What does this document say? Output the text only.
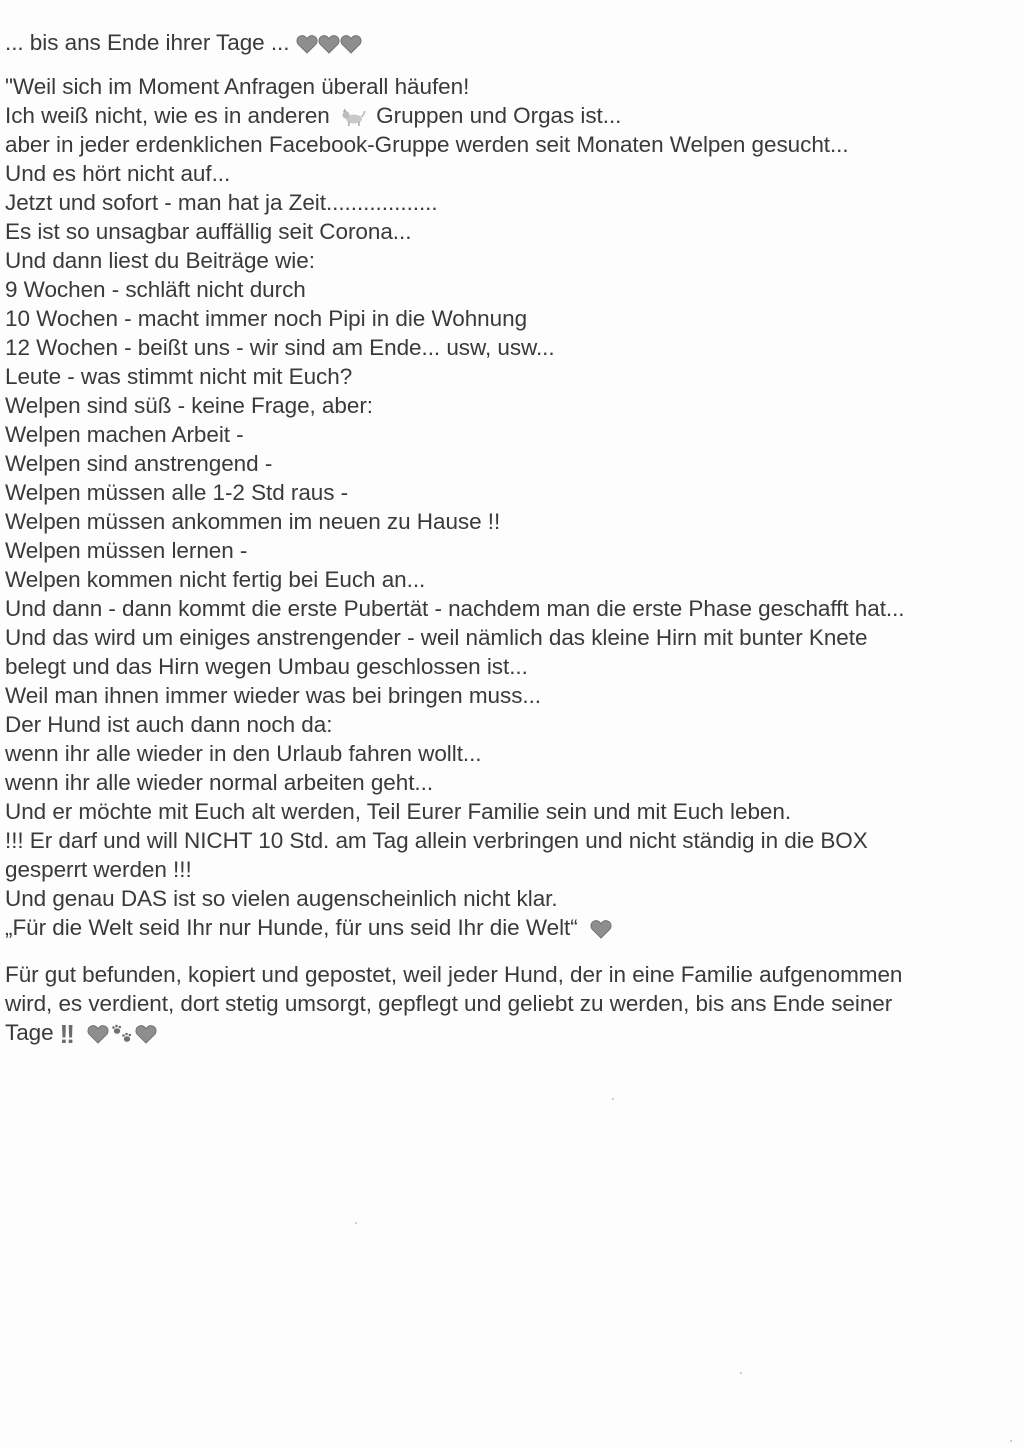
... bis ans Ende ihrer Tage ...
"Weil sich im Moment Anfragen überall häufen!
Ich weiß nicht, wie es in anderen Gruppen und Orgas ist...
aber in jeder erdenklichen Facebook-Gruppe werden seit Monaten Welpen gesucht...
Und es hört nicht auf...
Jetzt und sofort - man hat ja Zeit..................
Es ist so unsagbar auffällig seit Corona...
Und dann liest du Beiträge wie:
9 Wochen - schläft nicht durch
10 Wochen - macht immer noch Pipi in die Wohnung
12 Wochen - beißt uns - wir sind am Ende... usw, usw...
Leute - was stimmt nicht mit Euch?
Welpen sind süß - keine Frage, aber:
Welpen machen Arbeit -
Welpen sind anstrengend -
Welpen müssen alle 1-2 Std raus -
Welpen müssen ankommen im neuen zu Hause !!
Welpen müssen lernen -
Welpen kommen nicht fertig bei Euch an...
Und dann - dann kommt die erste Pubertät - nachdem man die erste Phase geschafft hat...
Und das wird um einiges anstrengender - weil nämlich das kleine Hirn mit bunter Knete
belegt und das Hirn wegen Umbau geschlossen ist...
Weil man ihnen immer wieder was bei bringen muss...
Der Hund ist auch dann noch da:
wenn ihr alle wieder in den Urlaub fahren wollt...
wenn ihr alle wieder normal arbeiten geht...
Und er möchte mit Euch alt werden, Teil Eurer Familie sein und mit Euch leben.
!!! Er darf und will NICHT 10 Std. am Tag allein verbringen und nicht ständig in die BOX
gesperrt werden !!!
Und genau DAS ist so vielen augenscheinlich nicht klar.
„Für die Welt seid Ihr nur Hunde, für uns seid Ihr die Welt“
Für gut befunden, kopiert und gepostet, weil jeder Hund, der in eine Familie aufgenommen
wird, es verdient, dort stetig umsorgt, gepflegt und geliebt zu werden, bis ans Ende seiner
Tage !!
